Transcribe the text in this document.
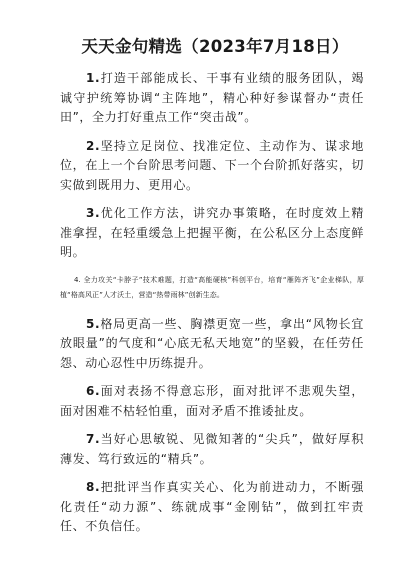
天天金句精选（2023年7月18日）

1.打造干部能成长、干事有业绩的服务团队，竭诚守护统筹协调“主阵地”，精心种好参谋督办“责任田”，全力打好重点工作“突击战”。

2.坚持立足岗位、找准定位、主动作为、谋求地位，在上一个台阶思考问题、下一个台阶抓好落实，切实做到既用力、更用心。

3.优化工作方法，讲究办事策略，在时度效上精准拿捏，在轻重缓急上把握平衡，在公私区分上态度鲜明。

4. 全力攻关“卡脖子”技术难题，打造“高能硬核”科创平台，培育“雁阵齐飞”企业梯队，厚植“格高风正”人才沃土，营造“热带雨林”创新生态。

5.格局更高一些、胸襟更宽一些，拿出“风物长宜放眼量”的气度和“心底无私天地宽”的坚毅，在任劳任怨、动心忍性中历练提升。

6.面对表扬不得意忘形，面对批评不悲观失望，面对困难不枯轻怕重，面对矛盾不推诿扯皮。

7.当好心思敏锐、见微知著的“尖兵”，做好厚积薄发、笃行致远的“精兵”。

8.把批评当作真实关心、化为前进动力，不断强化责任“动力源”、练就成事“金刚钻”，做到扛牢责任、不负信任。
